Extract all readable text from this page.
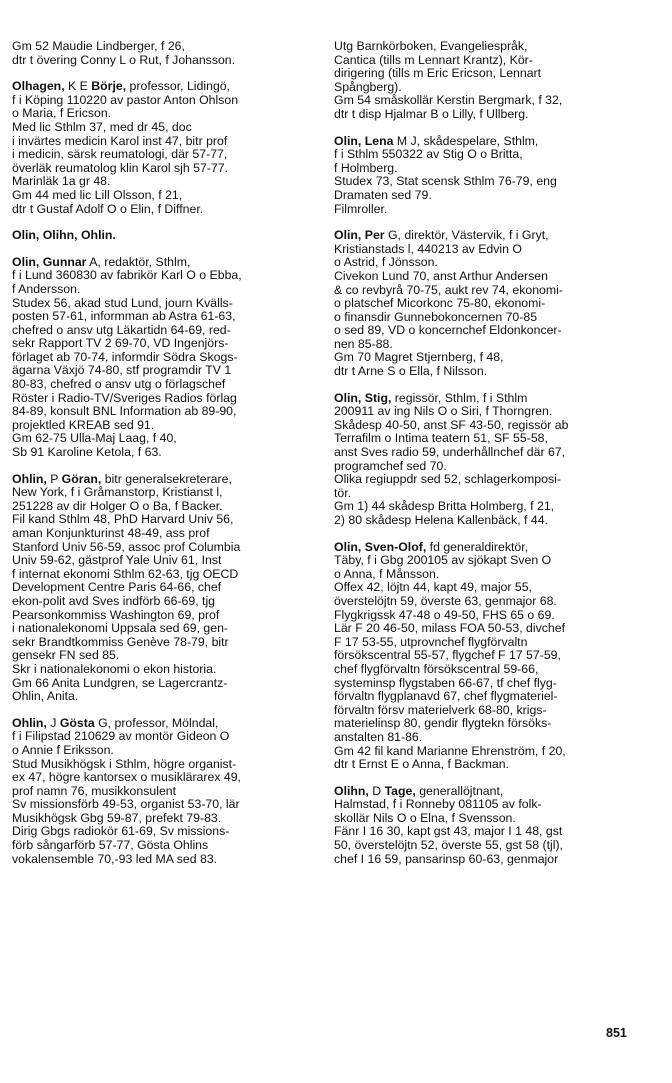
Gm 52 Maudie Lindberger, f 26,
dtr t övering Conny L o Rut, f Johansson.
Olhagen, K E Börje, professor, Lidingö,
f i Köping 110220 av pastor Anton Ohlson
o Maria, f Ericson.
Med lic Sthlm 37, med dr 45, doc
i invärtes medicin Karol inst 47, bitr prof
i medicin, särsk reumatologi, där 57-77,
överläk reumatolog klin Karol sjh 57-77.
Marinläk 1a gr 48.
Gm 44 med lic Lill Olsson, f 21,
dtr t Gustaf Adolf O o Elin, f Diffner.
Olin, Olihn, Ohlin.
Olin, Gunnar A, redaktör, Sthlm,
f i Lund 360830 av fabrikör Karl O o Ebba,
f Andersson.
Studex 56, akad stud Lund, journ Kvälls-
posten 57-61, informman ab Astra 61-63,
chefred o ansv utg Läkartidn 64-69, red-
sekr Rapport TV 2 69-70, VD Ingenjörs-
förlaget ab 70-74, informdir Södra Skogs-
ägarna Växjö 74-80, stf programdir TV 1
80-83, chefred o ansv utg o förlagschef
Röster i Radio-TV/Sveriges Radios förlag
84-89, konsult BNL Information ab 89-90,
projektled KREAB sed 91.
Gm 62-75 Ulla-Maj Laag, f 40,
Sb 91 Karoline Ketola, f 63.
Ohlin, P Göran, bitr generalsekreterare,
New York, f i Gråmanstorp, Kristianst l,
251228 av dir Holger O o Ba, f Backer.
Fil kand Sthlm 48, PhD Harvard Univ 56,
aman Konjunkturinst 48-49, ass prof
Stanford Univ 56-59, assoc prof Columbia
Univ 59-62, gästprof Yale Univ 61, Inst
f internat ekonomi Sthlm 62-63, tjg OECD
Development Centre Paris 64-66, chef
ekon-polit avd Sves indförb 66-69, tjg
Pearsonkommiss Washington 69, prof
i nationalekonomi Uppsala sed 69, gen-
sekr Brandtkommiss Genève 78-79, bitr
gensekr FN sed 85.
Skr i nationalekonomi o ekon historia.
Gm 66 Anita Lundgren, se Lagercrantz-
Ohlin, Anita.
Ohlin, J Gösta G, professor, Mölndal,
f i Filipstad 210629 av montör Gideon O
o Annie f Eriksson.
Stud Musikhögsk i Sthlm, högre organist-
ex 47, högre kantorsex o musiklärarex 49,
prof namn 76, musikkonsulent
Sv missionsförb 49-53, organist 53-70, lär
Musikhögsk Gbg 59-87, prefekt 79-83.
Dirig Gbgs radiokör 61-69, Sv missions-
förb sångarförb 57-77, Gösta Ohlins
vokalensemble 70,-93 led MA sed 83.
Utg Barnkörboken, Evangeliespråk,
Cantica (tills m Lennart Krantz), Kör-
dirigering (tills m Eric Ericson, Lennart
Spångberg).
Gm 54 småskollär Kerstin Bergmark, f 32,
dtr t disp Hjalmar B o Lilly, f Ullberg.
Olin, Lena M J, skådespelare, Sthlm,
f i Sthlm 550322 av Stig O o Britta,
f Holmberg.
Studex 73, Stat scensk Sthlm 76-79, eng
Dramaten sed 79.
Filmroller.
Olin, Per G, direktör, Västervik, f i Gryt,
Kristianstads l, 440213 av Edvin O
o Astrid, f Jönsson.
Civekon Lund 70, anst Arthur Andersen
& co revbyrå 70-75, aukt rev 74, ekonomi-
o platschef Micorkonc 75-80, ekonomi-
o finansdir Gunnebokoncernen 70-85
o sed 89, VD o koncernchef Eldonkoncer-
nen 85-88.
Gm 70 Magret Stjernberg, f 48,
dtr t Arne S o Ella, f Nilsson.
Olin, Stig, regissör, Sthlm, f i Sthlm
200911 av ing Nils O o Siri, f Thorngren.
Skådesp 40-50, anst SF 43-50, regissör ab
Terrafilm o Intima teatern 51, SF 55-58,
anst Sves radio 59, underhållnchef där 67,
programchef sed 70.
Olika regiuppdr sed 52, schlagerkomposi-
tör.
Gm 1) 44 skådesp Britta Holmberg, f 21,
2) 80 skådesp Helena Kallenbäck, f 44.
Olin, Sven-Olof, fd generaldirektör,
Täby, f i Gbg 200105 av sjökapt Sven O
o Anna, f Månsson.
Offex 42, löjtn 44, kapt 49, major 55,
överstelöjtn 59, överste 63, genmajor 68.
Flygkrigssk 47-48 o 49-50, FHS 65 o 69.
Lär F 20 46-50, milass FOA 50-53, divchef
F 17 53-55, utprovnchef flygförvaltn
försökscentral 55-57, flygchef F 17 57-59,
chef flygförvaltn försökscentral 59-66,
systeminsp flygstaben 66-67, tf chef flyg-
förvaltn flygplanavd 67, chef flygmateriel-
förvaltn försv materielverk 68-80, krigs-
materielinsp 80, gendir flygtekn försöks-
anstalten 81-86.
Gm 42 fil kand Marianne Ehrenström, f 20,
dtr t Ernst E o Anna, f Backman.
Olihn, D Tage, generallöjtnant,
Halmstad, f i Ronneby 081105 av folk-
skollär Nils O o Elna, f Svensson.
Fänr I 16 30, kapt gst 43, major I 1 48, gst
50, överstelöjtn 52, överste 55, gst 58 (tjl),
chef I 16 59, pansarinsp 60-63, genmajor
851
